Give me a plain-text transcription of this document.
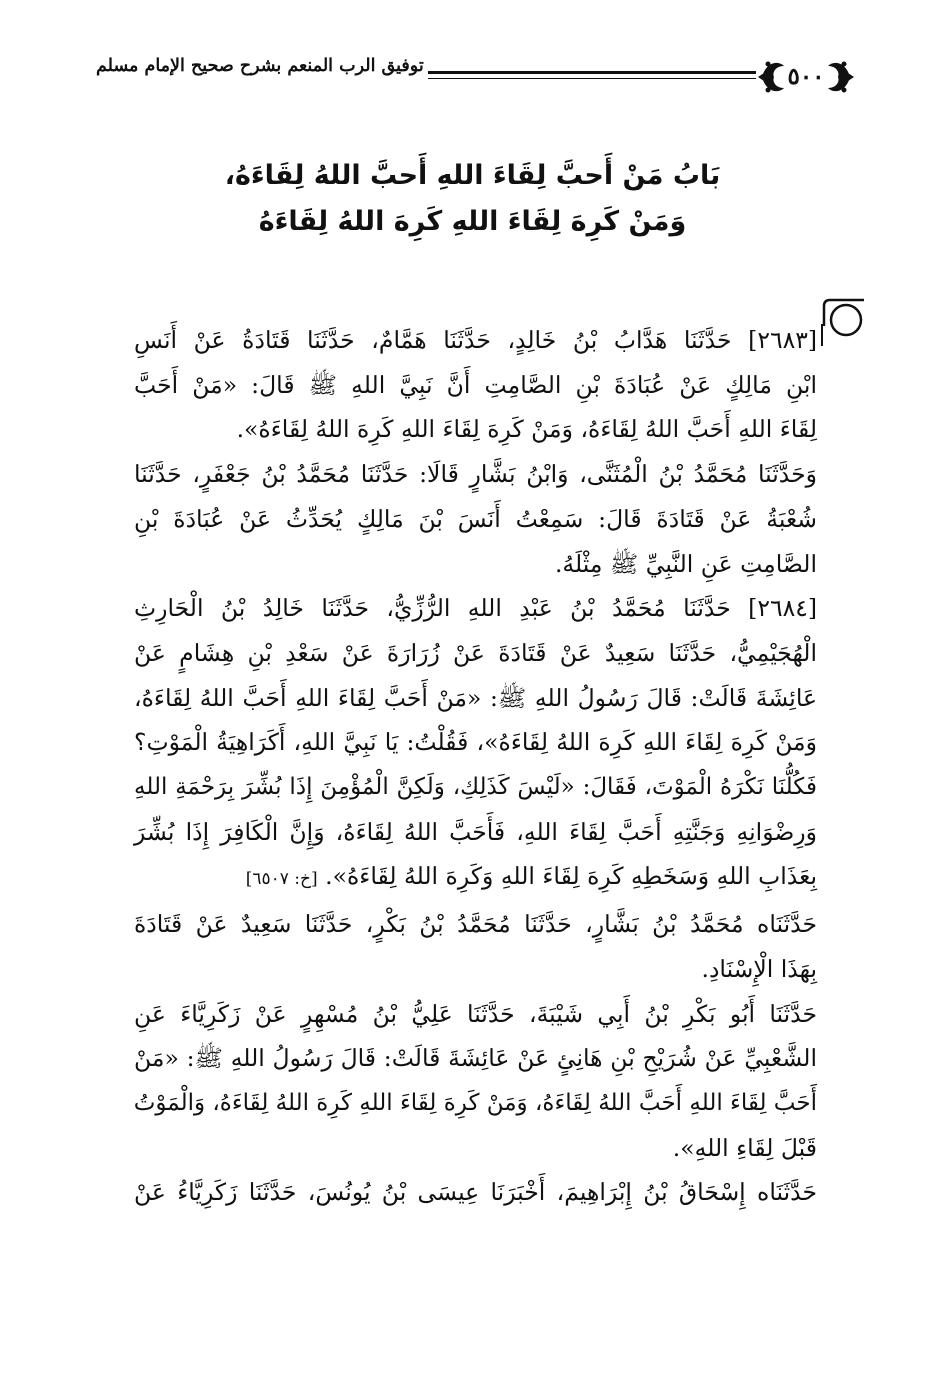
٥٠٠
توفيق الرب المنعم بشرح صحيح الإمام مسلم
بَابُ مَنْ أَحبَّ لِقَاءَ اللهِ أَحبَّ اللهُ لِقَاءَهُ،
وَمَنْ كَرِهَ لِقَاءَ اللهِ كَرِهَ اللهُ لِقَاءَهُ
[٢٦٨٣] حَدَّثَنَا هَدَّابُ بْنُ خَالِدٍ، حَدَّثَنَا هَمَّامٌ، حَدَّثَنَا قَتَادَةُ عَنْ أَنَسِ
ابْنِ مَالِكٍ عَنْ عُبَادَةَ بْنِ الصَّامِتِ أَنَّ نَبِيَّ اللهِ ﷺ قَالَ: «مَنْ أَحَبَّ
لِقَاءَ اللهِ أَحَبَّ اللهُ لِقَاءَهُ، وَمَنْ كَرِهَ لِقَاءَ اللهِ كَرِهَ اللهُ لِقَاءَهُ».
وَحَدَّثَنَا مُحَمَّدُ بْنُ الْمُثَنَّى، وَابْنُ بَشَّارٍ قَالَا: حَدَّثَنَا مُحَمَّدُ بْنُ جَعْفَرٍ، حَدَّثَنَا
شُعْبَةُ عَنْ قَتَادَةَ قَالَ: سَمِعْتُ أَنَسَ بْنَ مَالِكٍ يُحَدِّثُ عَنْ عُبَادَةَ بْنِ
الصَّامِتِ عَنِ النَّبِيِّ ﷺ مِثْلَهُ.
[٢٦٨٤] حَدَّثَنَا مُحَمَّدُ بْنُ عَبْدِ اللهِ الرُّزِّيُّ، حَدَّثَنَا خَالِدُ بْنُ الْحَارِثِ
الْهُجَيْمِيُّ، حَدَّثَنَا سَعِيدٌ عَنْ قَتَادَةَ عَنْ زُرَارَةَ عَنْ سَعْدِ بْنِ هِشَامٍ عَنْ
عَائِشَةَ قَالَتْ: قَالَ رَسُولُ اللهِ ﷺ: «مَنْ أَحَبَّ لِقَاءَ اللهِ أَحَبَّ اللهُ لِقَاءَهُ،
وَمَنْ كَرِهَ لِقَاءَ اللهِ كَرِهَ اللهُ لِقَاءَهُ»، فَقُلْتُ: يَا نَبِيَّ اللهِ، أَكَرَاهِيَةُ الْمَوْتِ؟
فَكُلُّنَا نَكْرَهُ الْمَوْتَ، فَقَالَ: «لَيْسَ كَذَلِكِ، وَلَكِنَّ الْمُؤْمِنَ إِذَا بُشِّرَ بِرَحْمَةِ اللهِ
وَرِضْوَانِهِ وَجَنَّتِهِ أَحَبَّ لِقَاءَ اللهِ، فَأَحَبَّ اللهُ لِقَاءَهُ، وَإِنَّ الْكَافِرَ إِذَا بُشِّرَ
بِعَذَابِ اللهِ وَسَخَطِهِ كَرِهَ لِقَاءَ اللهِ وَكَرِهَ اللهُ لِقَاءَهُ». [خ: ٦٥٠٧]
حَدَّثَنَاه مُحَمَّدُ بْنُ بَشَّارٍ، حَدَّثَنَا مُحَمَّدُ بْنُ بَكْرٍ، حَدَّثَنَا سَعِيدٌ عَنْ قَتَادَةَ
بِهَذَا الْإِسْنَادِ.
حَدَّثَنَا أَبُو بَكْرِ بْنُ أَبِي شَيْبَةَ، حَدَّثَنَا عَلِيُّ بْنُ مُسْهِرٍ عَنْ زَكَرِيَّاءَ عَنِ
الشَّعْبِيِّ عَنْ شُرَيْحِ بْنِ هَانِئٍ عَنْ عَائِشَةَ قَالَتْ: قَالَ رَسُولُ اللهِ ﷺ: «مَنْ
أَحَبَّ لِقَاءَ اللهِ أَحَبَّ اللهُ لِقَاءَهُ، وَمَنْ كَرِهَ لِقَاءَ اللهِ كَرِهَ اللهُ لِقَاءَهُ، وَالْمَوْتُ
قَبْلَ لِقَاءِ اللهِ».
حَدَّثَنَاه إِسْحَاقُ بْنُ إِبْرَاهِيمَ، أَخْبَرَنَا عِيسَى بْنُ يُونُسَ، حَدَّثَنَا زَكَرِيَّاءُ عَنْ
